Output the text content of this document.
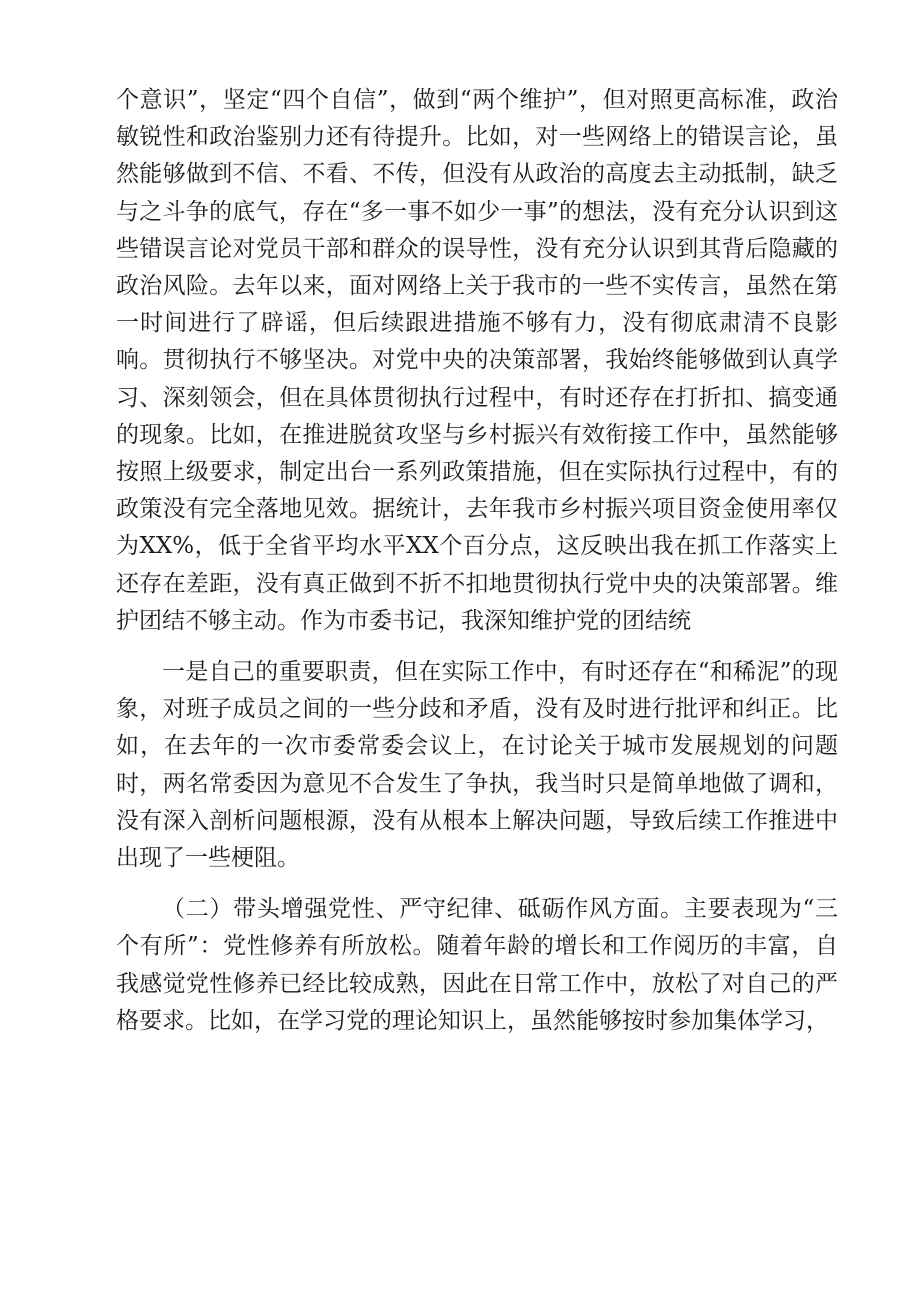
个意识”，坚定“四个自信”，做到“两个维护”，但对照更高标准，政治敏锐性和政治鉴别力还有待提升。比如，对一些网络上的错误言论，虽然能够做到不信、不看、不传，但没有从政治的高度去主动抵制，缺乏与之斗争的底气，存在“多一事不如少一事”的想法，没有充分认识到这些错误言论对党员干部和群众的误导性，没有充分认识到其背后隐藏的政治风险。去年以来，面对网络上关于我市的一些不实传言，虽然在第一时间进行了辟谣，但后续跟进措施不够有力，没有彻底肃清不良影响。贯彻执行不够坚决。对党中央的决策部署，我始终能够做到认真学习、深刻领会，但在具体贯彻执行过程中，有时还存在打折扣、搞变通的现象。比如，在推进脱贫攻坚与乡村振兴有效衔接工作中，虽然能够按照上级要求，制定出台一系列政策措施，但在实际执行过程中，有的政策没有完全落地见效。据统计，去年我市乡村振兴项目资金使用率仅为XX%，低于全省平均水平XX个百分点，这反映出我在抓工作落实上还存在差距，没有真正做到不折不扣地贯彻执行党中央的决策部署。维护团结不够主动。作为市委书记，我深知维护党的团结统

一是自己的重要职责，但在实际工作中，有时还存在“和稀泥”的现象，对班子成员之间的一些分歧和矛盾，没有及时进行批评和纠正。比如，在去年的一次市委常委会议上，在讨论关于城市发展规划的问题时，两名常委因为意见不合发生了争执，我当时只是简单地做了调和，没有深入剖析问题根源，没有从根本上解决问题，导致后续工作推进中出现了一些梗阻。

（二）带头增强党性、严守纪律、砥砺作风方面。主要表现为“三个有所”：党性修养有所放松。随着年龄的增长和工作阅历的丰富，自我感觉党性修养已经比较成熟，因此在日常工作中，放松了对自己的严格要求。比如，在学习党的理论知识上，虽然能够按时参加集体学习，
